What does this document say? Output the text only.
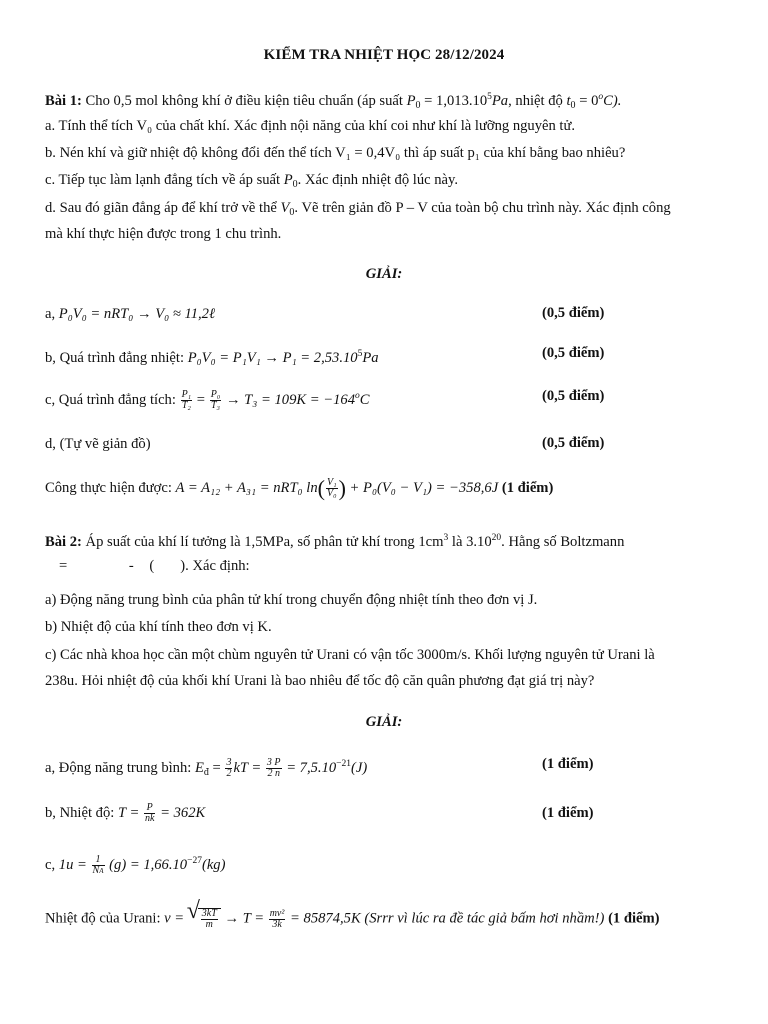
KIỂM TRA NHIỆT HỌC 28/12/2024
Bài 1: Cho 0,5 mol không khí ở điều kiện tiêu chuẩn (áp suất $P_0 = 1,013.10^5Pa$, nhiệt độ $t_0 = 0^oC$).
a. Tính thể tích V₀ của chất khí. Xác định nội năng của khí coi như khí là lưỡng nguyên tử.
b. Nén khí và giữ nhiệt độ không đổi đến thể tích V₁ = 0,4V₀ thì áp suất p₁ của khí bằng bao nhiêu?
c. Tiếp tục làm lạnh đẳng tích về áp suất $P_0$. Xác định nhiệt độ lúc này.
d. Sau đó giãn đẳng áp để khí trở về thể $V_0$. Vẽ trên giản đồ P – V của toàn bộ chu trình này. Xác định công
mà khí thực hiện được trong 1 chu trình.
GIẢI:
a, P₀V₀ = nRT₀ → V₀ ≈ 11,2ℓ	(0,5 điểm)
b, Quá trình đẳng nhiệt: $P_0V_0 = P_1V_1 \to P_1 = 2,53.10^5Pa$	(0,5 điểm)
c, Quá trình đẳng tích: $\frac{\text{P₁}}{\text{T₂}} = \frac{\text{P₀}}{\text{T₃}} \to T_3 = 109K = -164^oC$	(0,5 điểm)
d, (Tự vẽ giản đồ)	(0,5 điểm)
Công thực hiện được: A = A₁₂ + A₃₁ = nRT₀ $\ln( \frac{\text{V₁}}{\text{V₀}}$ ) + P₀(V₀ − V₁) = −358,6J (1 điểm)
Bài 2: Áp suất của khí lí tưởng là 1,5MPa, số phân tử khí trong $1cm^3$ là 3.10$^{20}$. Hằng số Boltzmann
=	- ( ). Xác định:
a) Động năng trung bình của phân tử khí trong chuyển động nhiệt tính theo đơn vị J.
b) Nhiệt độ của khí tính theo đơn vị K.
c) Các nhà khoa học cần một chùm nguyên tử Urani có vận tốc 3000m/s. Khối lượng nguyên tử Urani là
238u. Hỏi nhiệt độ của khối khí Urani là bao nhiêu để tốc độ căn quân phương đạt giá trị này?
GIẢI:
a, Động năng trung bình: $E_đ = \frac{3}{2}$ kT = $\frac{3 P}{2 n} = 7,5.10^{-21}(J)$	(1 điểm)
b, Nhiệt độ: $T = \frac{P}{nk} = 362K$	(1 điểm)
c, $1u = \frac{1}{NA} (g) = 1,66.10^{-27}(kg)$
Nhiệt độ của Urani: v =
√ $\frac{3kT}{m} \to T = \frac{\text{mv²}}{3k} = 85874,5K$ (Srrr vì lúc ra đề tác giả bấm hơi nhầm!) (1 điểm)
